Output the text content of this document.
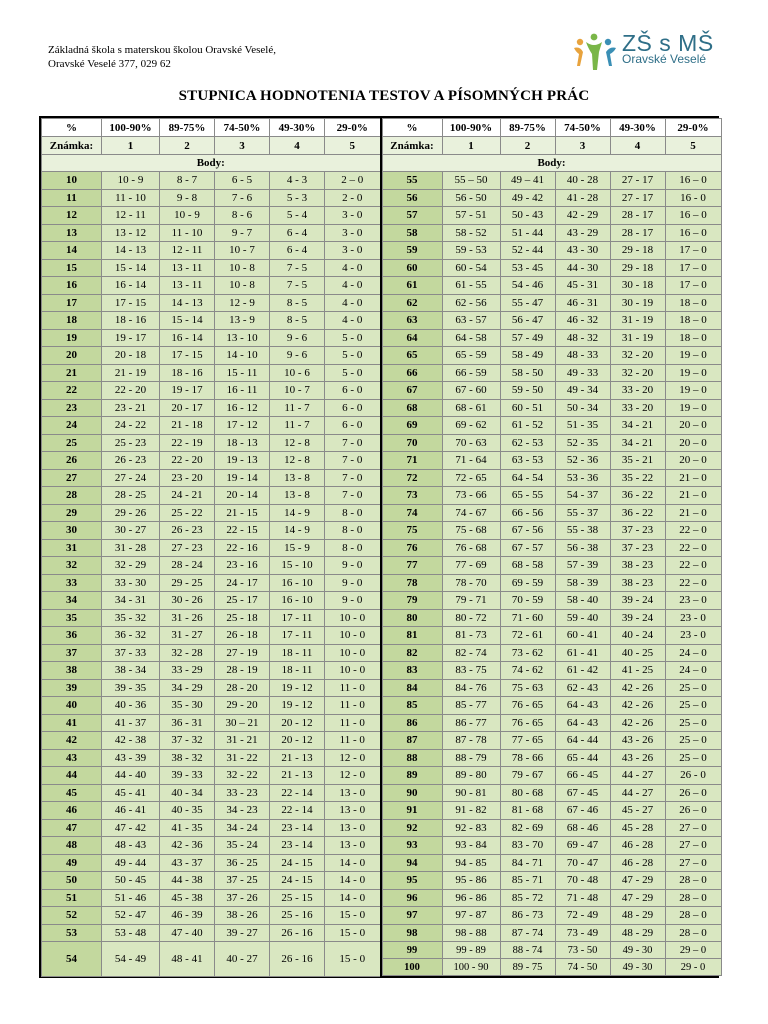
Základná škola s materskou školou Oravské Veselé,
Oravské Veselé 377, 029 62
ZŠ s MŠ
Oravské Veselé
STUPNICA HODNOTENIA TESTOV A PÍSOMNÝCH PRÁC
%	100-90%	89-75%	74-50%	49-30%	29-0%
Známka:	1	2	3	4	5
Body:					
10	10 - 9	8 - 7	6 - 5	4 - 3	2 – 0
11	11 - 10	9 - 8	7 - 6	5 - 3	2 - 0
12	12 - 11	10 - 9	8 - 6	5 - 4	3 - 0
13	13 - 12	11 - 10	9 - 7	6 - 4	3 - 0
14	14 - 13	12 - 11	10 - 7	6 - 4	3 - 0
15	15 - 14	13 - 11	10 - 8	7 - 5	4 - 0
16	16 - 14	13 - 11	10 - 8	7 - 5	4 - 0
17	17 - 15	14 - 13	12 - 9	8 - 5	4 - 0
18	18 - 16	15 - 14	13 - 9	8 - 5	4 - 0
19	19 - 17	16 - 14	13 - 10	9 - 6	5 - 0
20	20 - 18	17 - 15	14 - 10	9 - 6	5 - 0
21	21 - 19	18 - 16	15 - 11	10 - 6	5 - 0
22	22 - 20	19 - 17	16 - 11	10 - 7	6 - 0
23	23 - 21	20 - 17	16 - 12	11 - 7	6 - 0
24	24 - 22	21 - 18	17 - 12	11 - 7	6 - 0
25	25 - 23	22 - 19	18 - 13	12 - 8	7 - 0
26	26 - 23	22 - 20	19 - 13	12 - 8	7 - 0
27	27 - 24	23 - 20	19 - 14	13 - 8	7 - 0
28	28 - 25	24 - 21	20 - 14	13 - 8	7 - 0
29	29 - 26	25 - 22	21 - 15	14 - 9	8 - 0
30	30 - 27	26 - 23	22 - 15	14 - 9	8 - 0
31	31 - 28	27 - 23	22 - 16	15 - 9	8 - 0
32	32 - 29	28 - 24	23 - 16	15 - 10	9 - 0
33	33 - 30	29 - 25	24 - 17	16 - 10	9 - 0
34	34 - 31	30 - 26	25 - 17	16 - 10	9 - 0
35	35 - 32	31 - 26	25 - 18	17 - 11	10 - 0
36	36 - 32	31 - 27	26 - 18	17 - 11	10 - 0
37	37 - 33	32 - 28	27 - 19	18 - 11	10 - 0
38	38 - 34	33 - 29	28 - 19	18 - 11	10 - 0
39	39 - 35	34 - 29	28 - 20	19 - 12	11 - 0
40	40 - 36	35 - 30	29 - 20	19 - 12	11 - 0
41	41 - 37	36 - 31	30 – 21	20 - 12	11 - 0
42	42 - 38	37 - 32	31 - 21	20 - 12	11 - 0
43	43 - 39	38 - 32	31 - 22	21 - 13	12 - 0
44	44 - 40	39 - 33	32 - 22	21 - 13	12 - 0
45	45 - 41	40 - 34	33 - 23	22 - 14	13 - 0
46	46 - 41	40 - 35	34 - 23	22 - 14	13 - 0
47	47 - 42	41 - 35	34 - 24	23 - 14	13 - 0
48	48 - 43	42 - 36	35 - 24	23 - 14	13 - 0
49	49 - 44	43 - 37	36 - 25	24 - 15	14 - 0
50	50 - 45	44 - 38	37 - 25	24 - 15	14 - 0
51	51 - 46	45 - 38	37 - 26	25 - 15	14 - 0
52	52 - 47	46 - 39	38 - 26	25 - 16	15 - 0
53	53 - 48	47 - 40	39 - 27	26 - 16	15 - 0
54	54 - 49	48 - 41	40 - 27	26 - 16	15 - 0
%	100-90%	89-75%	74-50%	49-30%	29-0%
Známka:	1	2	3	4	5
Body:					
55	55 – 50	49 – 41	40 - 28	27 - 17	16 – 0
56	56 - 50	49 - 42	41 - 28	27 - 17	16 - 0
57	57 - 51	50 - 43	42 - 29	28 - 17	16 – 0
58	58 - 52	51 - 44	43 - 29	28 - 17	16 – 0
59	59 - 53	52 - 44	43 - 30	29 - 18	17 – 0
60	60 - 54	53 - 45	44 - 30	29 - 18	17 – 0
61	61 - 55	54 - 46	45 - 31	30 - 18	17 – 0
62	62 - 56	55 - 47	46 - 31	30 - 19	18 – 0
63	63 - 57	56 - 47	46 - 32	31 - 19	18 – 0
64	64 - 58	57 - 49	48 - 32	31 - 19	18 – 0
65	65 - 59	58 - 49	48 - 33	32 - 20	19 – 0
66	66 - 59	58 - 50	49 - 33	32 - 20	19 – 0
67	67 - 60	59 - 50	49 - 34	33 - 20	19 – 0
68	68 - 61	60 - 51	50 - 34	33 - 20	19 – 0
69	69 - 62	61 - 52	51 - 35	34 - 21	20 – 0
70	70 - 63	62 - 53	52 - 35	34 - 21	20 – 0
71	71 - 64	63 - 53	52 - 36	35 - 21	20 – 0
72	72 - 65	64 - 54	53 - 36	35 - 22	21 – 0
73	73 - 66	65 - 55	54 - 37	36 - 22	21 – 0
74	74 - 67	66 - 56	55 - 37	36 - 22	21 – 0
75	75 - 68	67 - 56	55 - 38	37 - 23	22 – 0
76	76 - 68	67 - 57	56 - 38	37 - 23	22 – 0
77	77 - 69	68 - 58	57 - 39	38 - 23	22 – 0
78	78 - 70	69 - 59	58 - 39	38 - 23	22 – 0
79	79 - 71	70 - 59	58 - 40	39 - 24	23 – 0
80	80 - 72	71 - 60	59 - 40	39 - 24	23 - 0
81	81 - 73	72 - 61	60 - 41	40 - 24	23 - 0
82	82 - 74	73 - 62	61 - 41	40 - 25	24 – 0
83	83 - 75	74 - 62	61 - 42	41 - 25	24 – 0
84	84 - 76	75 - 63	62 - 43	42 - 26	25 – 0
85	85 - 77	76 - 65	64 - 43	42 - 26	25 – 0
86	86 - 77	76 - 65	64 - 43	42 - 26	25 – 0
87	87 - 78	77 - 65	64 - 44	43 - 26	25 – 0
88	88 - 79	78 - 66	65 - 44	43 - 26	25 – 0
89	89 - 80	79 - 67	66 - 45	44 - 27	26 - 0
90	90 - 81	80 - 68	67 - 45	44 - 27	26 – 0
91	91 - 82	81 - 68	67 - 46	45 - 27	26 – 0
92	92 - 83	82 - 69	68 - 46	45 - 28	27 – 0
93	93 - 84	83 - 70	69 - 47	46 - 28	27 – 0
94	94 - 85	84 - 71	70 - 47	46 - 28	27 – 0
95	95 - 86	85 - 71	70 - 48	47 - 29	28 – 0
96	96 - 86	85 - 72	71 - 48	47 - 29	28 – 0
97	97 - 87	86 - 73	72 - 49	48 - 29	28 – 0
98	98 - 88	87 - 74	73 - 49	48 - 29	28 – 0
99	99 - 89	88 - 74	73 - 50	49 - 30	29 – 0
100	100 - 90	89 - 75	74 - 50	49 - 30	29 - 0
